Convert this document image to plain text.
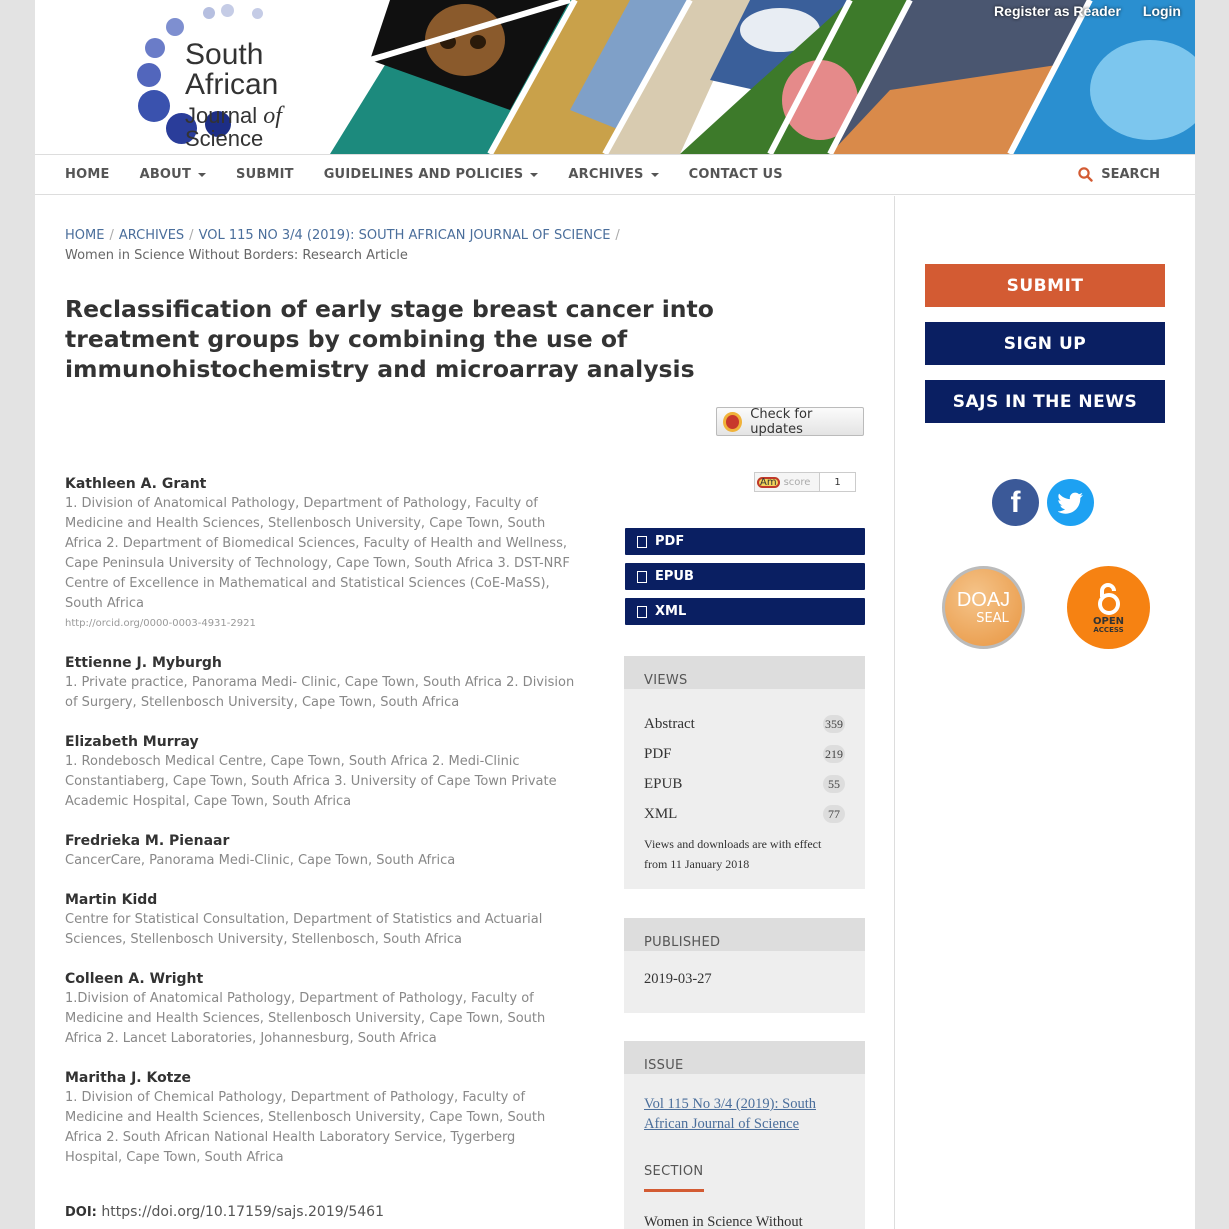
South African
Journal of Science
Register as Reader Login
HOME ABOUT	SUBMIT GUIDELINES AND POLICIES	ARCHIVES	CONTACT US	SEARCH
HOME / ARCHIVES / VOL 115 NO 3/4 (2019): SOUTH AFRICAN JOURNAL OF SCIENCE /
Women in Science Without Borders: Research Article
Reclassification of early stage breast cancer into treatment groups by combining the use of immunohistochemistry and microarray analysis
Check for updates
Am score	1
Kathleen A. Grant
1. Division of Anatomical Pathology, Department of Pathology, Faculty of Medicine and Health Sciences, Stellenbosch University, Cape Town, South Africa 2. Department of Biomedical Sciences, Faculty of Health and Wellness, Cape Peninsula University of Technology, Cape Town, South Africa 3. DST-NRF Centre of Excellence in Mathematical and Statistical Sciences (CoE-MaSS), South Africa
http://orcid.org/0000-0003-4931-2921
Ettienne J. Myburgh
1. Private practice, Panorama Medi- Clinic, Cape Town, South Africa 2. Division of Surgery, Stellenbosch University, Cape Town, South Africa
Elizabeth Murray
1. Rondebosch Medical Centre, Cape Town, South Africa 2. Medi-Clinic Constantiaberg, Cape Town, South Africa 3. University of Cape Town Private Academic Hospital, Cape Town, South Africa
Fredrieka M. Pienaar
CancerCare, Panorama Medi-Clinic, Cape Town, South Africa
Martin Kidd
Centre for Statistical Consultation, Department of Statistics and Actuarial Sciences, Stellenbosch University, Stellenbosch, South Africa
Colleen A. Wright
1.Division of Anatomical Pathology, Department of Pathology, Faculty of Medicine and Health Sciences, Stellenbosch University, Cape Town, South Africa 2. Lancet Laboratories, Johannesburg, South Africa
Maritha J. Kotze
1. Division of Chemical Pathology, Department of Pathology, Faculty of Medicine and Health Sciences, Stellenbosch University, Cape Town, South Africa 2. South African National Health Laboratory Service, Tygerberg Hospital, Cape Town, South Africa
DOI: https://doi.org/10.17159/sajs.2019/5461
PDF
EPUB
XML
VIEWS
Abstract	359
PDF	219
EPUB	55
XML	77
Views and downloads are with effect from 11 January 2018
PUBLISHED
2019-03-27
ISSUE
Vol 115 No 3/4 (2019): South African Journal of Science
SECTION
Women in Science Without
SUBMIT
SIGN UP
SAJS IN THE NEWS
f
DOAJ
SEAL	OPEN
ACCESS
